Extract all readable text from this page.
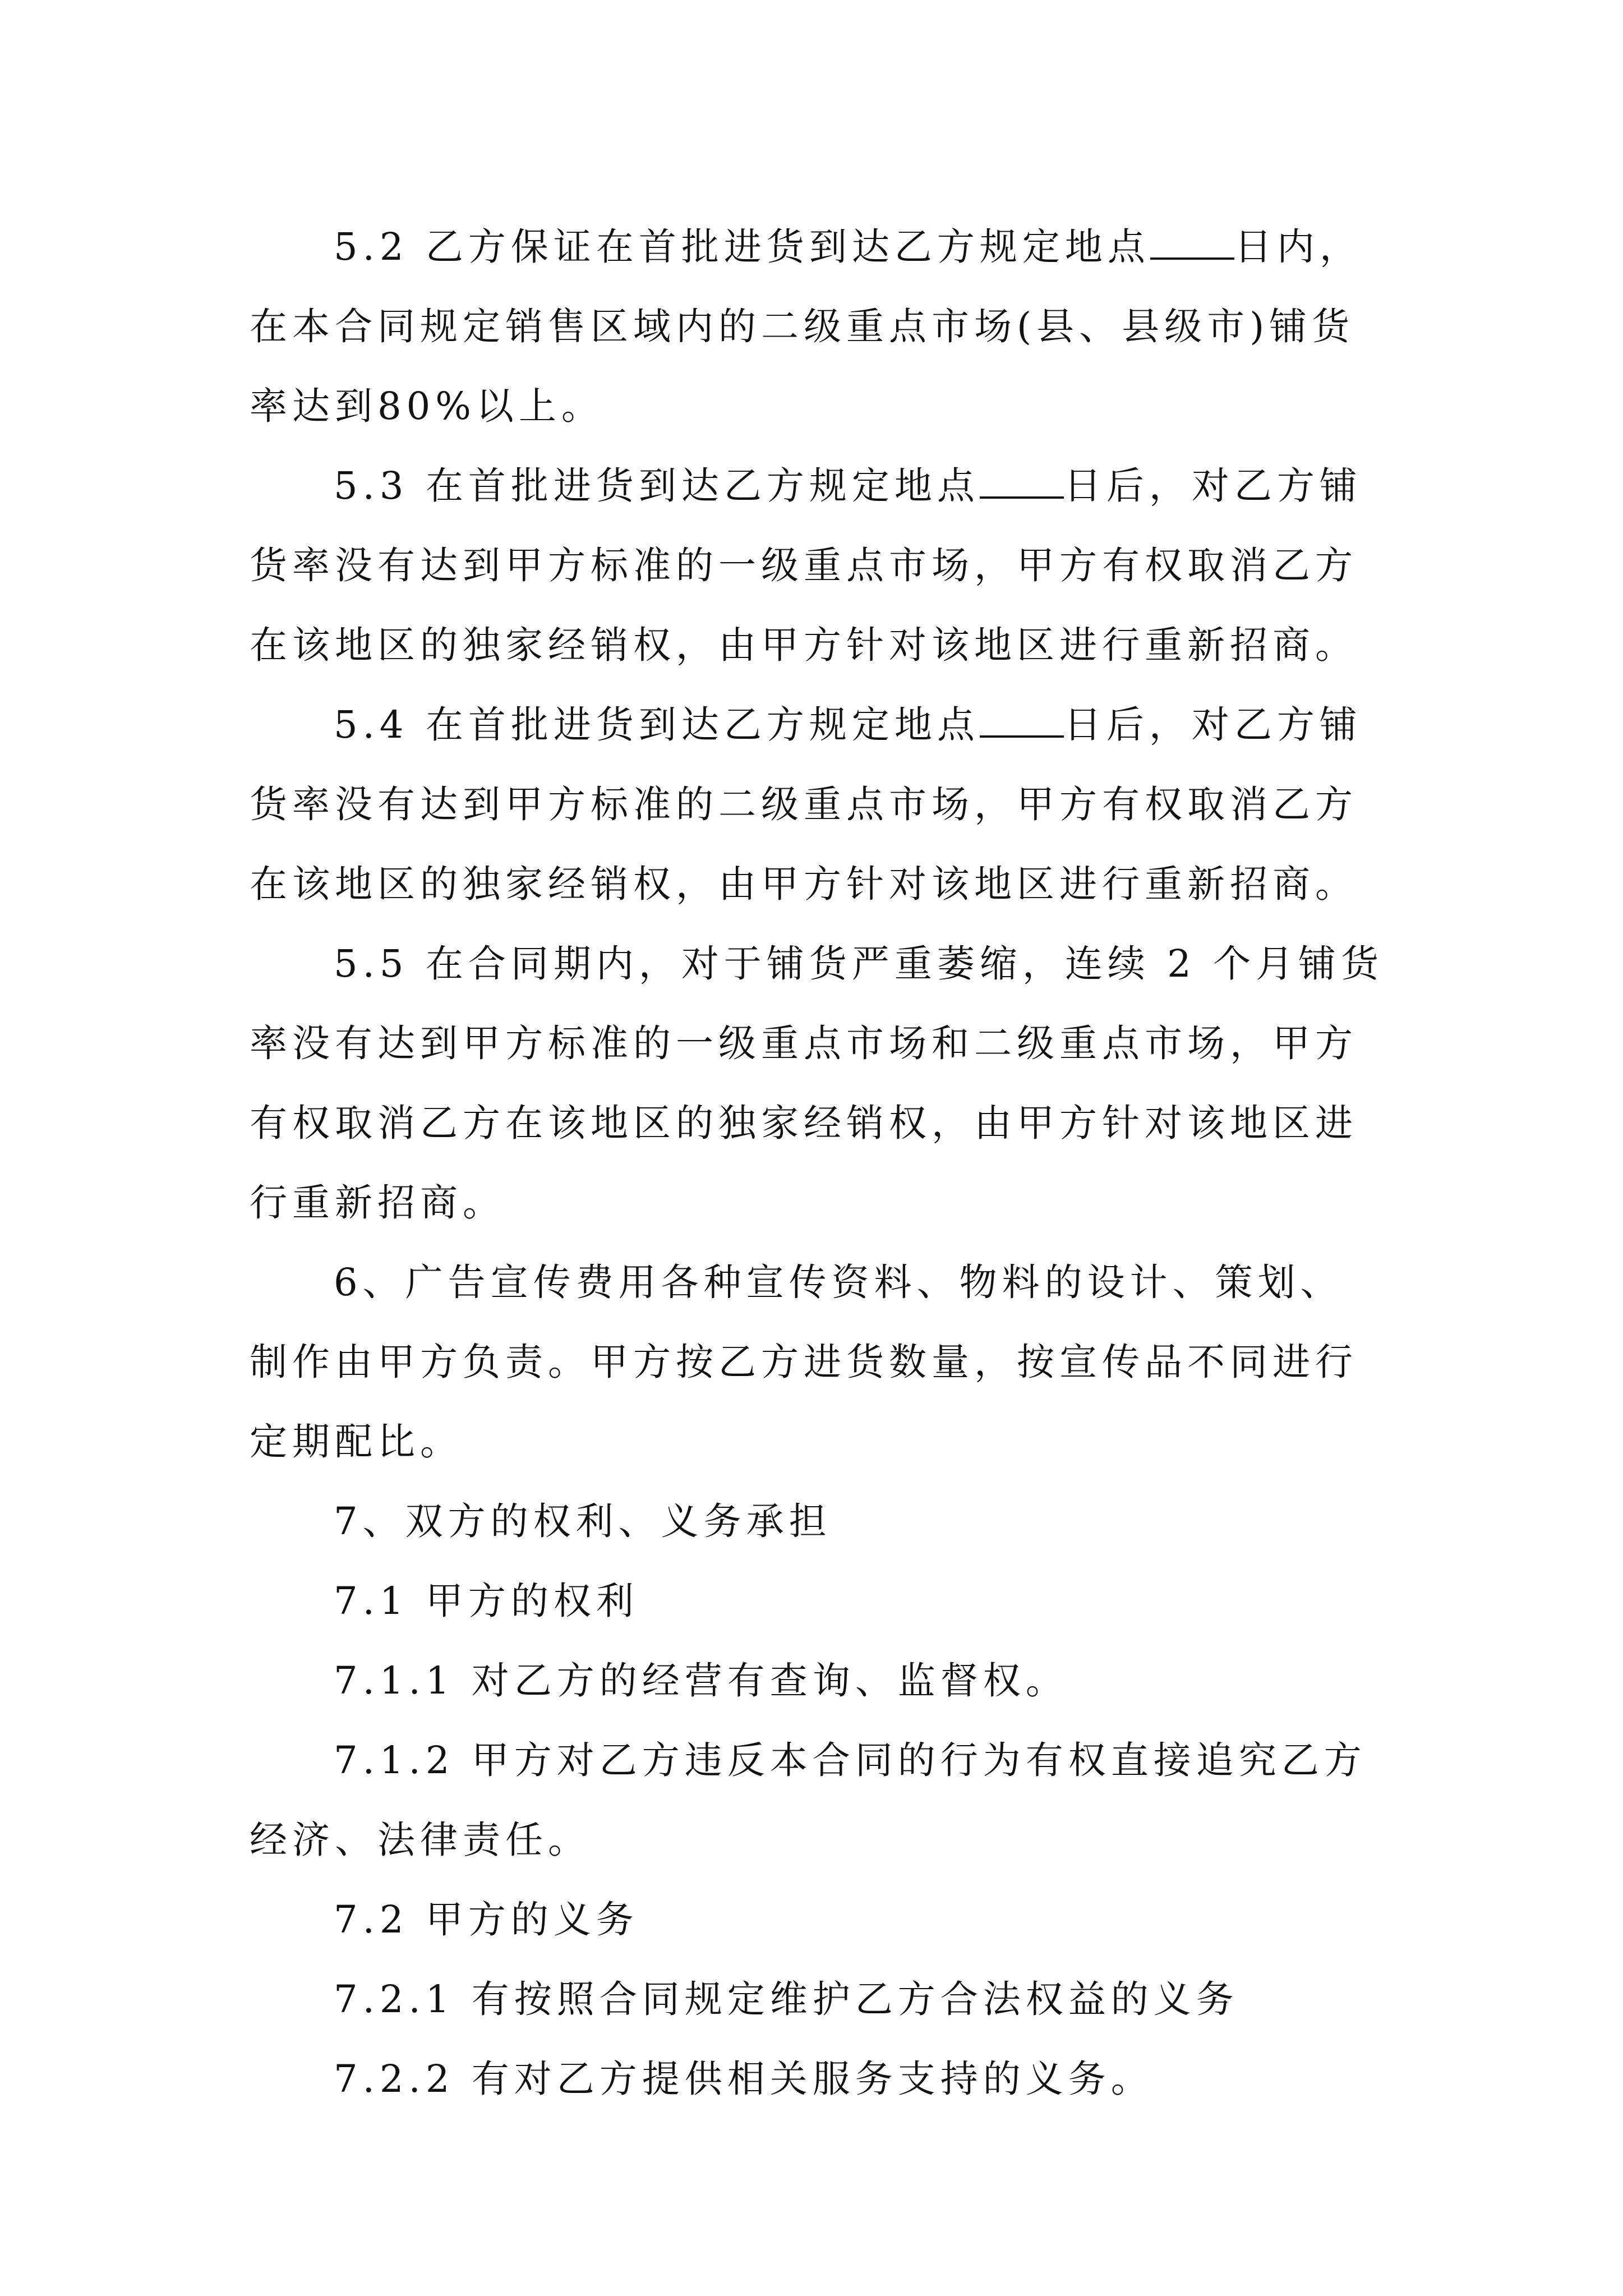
5.2 乙方保证在首批进货到达乙方规定地点 日内，
在本合同规定销售区域内的二级重点市场(县、县级市)铺货
率达到80%以上。
5.3 在首批进货到达乙方规定地点 日后，对乙方铺
货率没有达到甲方标准的一级重点市场，甲方有权取消乙方
在该地区的独家经销权，由甲方针对该地区进行重新招商。
5.4 在首批进货到达乙方规定地点 日后，对乙方铺
货率没有达到甲方标准的二级重点市场，甲方有权取消乙方
在该地区的独家经销权，由甲方针对该地区进行重新招商。
5.5 在合同期内，对于铺货严重萎缩，连续 2 个月铺货
率没有达到甲方标准的一级重点市场和二级重点市场，甲方
有权取消乙方在该地区的独家经销权，由甲方针对该地区进
行重新招商。
6、广告宣传费用各种宣传资料、物料的设计、策划、
制作由甲方负责。甲方按乙方进货数量，按宣传品不同进行
定期配比。
7、双方的权利、义务承担
7.1 甲方的权利
7.1.1 对乙方的经营有查询、监督权。
7.1.2 甲方对乙方违反本合同的行为有权直接追究乙方
经济、法律责任。
7.2 甲方的义务
7.2.1 有按照合同规定维护乙方合法权益的义务
7.2.2 有对乙方提供相关服务支持的义务。
